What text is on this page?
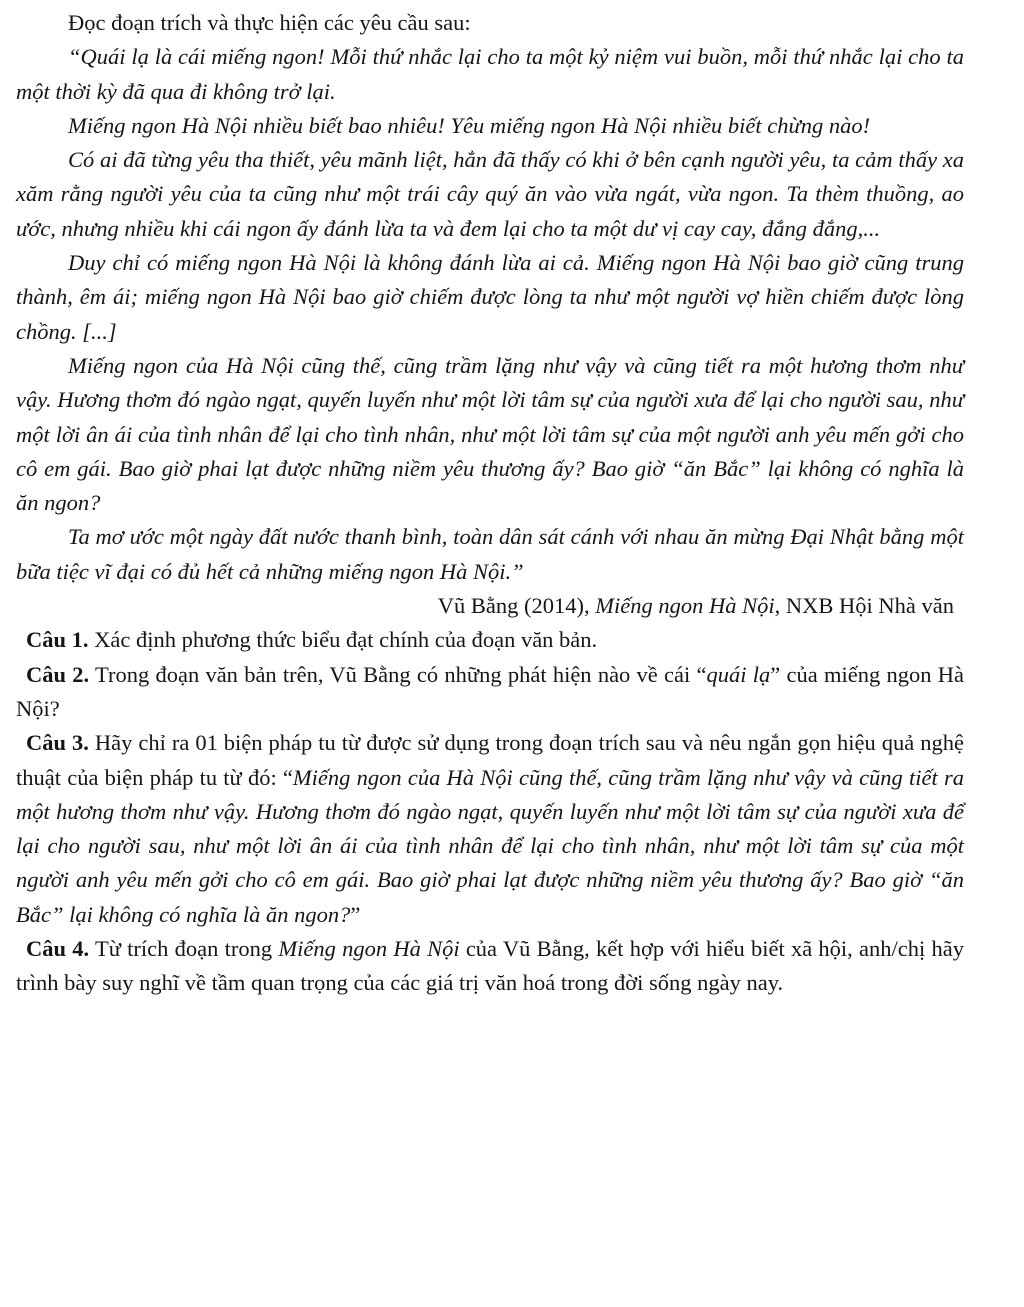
Đọc đoạn trích và thực hiện các yêu cầu sau:

“Quái lạ là cái miếng ngon! Mỗi thứ nhắc lại cho ta một kỷ niệm vui buồn, mỗi thứ nhắc lại cho ta một thời kỳ đã qua đi không trở lại.

Miếng ngon Hà Nội nhiều biết bao nhiêu! Yêu miếng ngon Hà Nội nhiều biết chừng nào!

Có ai đã từng yêu tha thiết, yêu mãnh liệt, hẳn đã thấy có khi ở bên cạnh người yêu, ta cảm thấy xa xăm rằng người yêu của ta cũng như một trái cây quý ăn vào vừa ngát, vừa ngon. Ta thèm thuồng, ao ước, nhưng nhiều khi cái ngon ấy đánh lừa ta và đem lại cho ta một dư vị cay cay, đắng đắng,...

Duy chỉ có miếng ngon Hà Nội là không đánh lừa ai cả. Miếng ngon Hà Nội bao giờ cũng trung thành, êm ái; miếng ngon Hà Nội bao giờ chiếm được lòng ta như một người vợ hiền chiếm được lòng chồng. [...]

Miếng ngon của Hà Nội cũng thế, cũng trầm lặng như vậy và cũng tiết ra một hương thơm như vậy. Hương thơm đó ngào ngạt, quyến luyến như một lời tâm sự của người xưa để lại cho người sau, như một lời ân ái của tình nhân để lại cho tình nhân, như một lời tâm sự của một người anh yêu mến gởi cho cô em gái. Bao giờ phai lạt được những niềm yêu thương ấy? Bao giờ “ăn Bắc” lại không có nghĩa là ăn ngon?

Ta mơ ước một ngày đất nước thanh bình, toàn dân sát cánh với nhau ăn mừng Đại Nhật bằng một bữa tiệc vĩ đại có đủ hết cả những miếng ngon Hà Nội.”

Vũ Bằng (2014), Miếng ngon Hà Nội, NXB Hội Nhà văn

Câu 1. Xác định phương thức biểu đạt chính của đoạn văn bản.

Câu 2. Trong đoạn văn bản trên, Vũ Bằng có những phát hiện nào về cái “quái lạ” của miếng ngon Hà Nội?

Câu 3. Hãy chỉ ra 01 biện pháp tu từ được sử dụng trong đoạn trích sau và nêu ngắn gọn hiệu quả nghệ thuật của biện pháp tu từ đó: “Miếng ngon của Hà Nội cũng thế, cũng trầm lặng như vậy và cũng tiết ra một hương thơm như vậy. Hương thơm đó ngào ngạt, quyến luyến như một lời tâm sự của người xưa để lại cho người sau, như một lời ân ái của tình nhân để lại cho tình nhân, như một lời tâm sự của một người anh yêu mến gởi cho cô em gái. Bao giờ phai lạt được những niềm yêu thương ấy? Bao giờ “ăn Bắc” lại không có nghĩa là ăn ngon?”

Câu 4. Từ trích đoạn trong Miếng ngon Hà Nội của Vũ Bằng, kết hợp với hiểu biết xã hội, anh/chị hãy trình bày suy nghĩ về tầm quan trọng của các giá trị văn hoá trong đời sống ngày nay.
